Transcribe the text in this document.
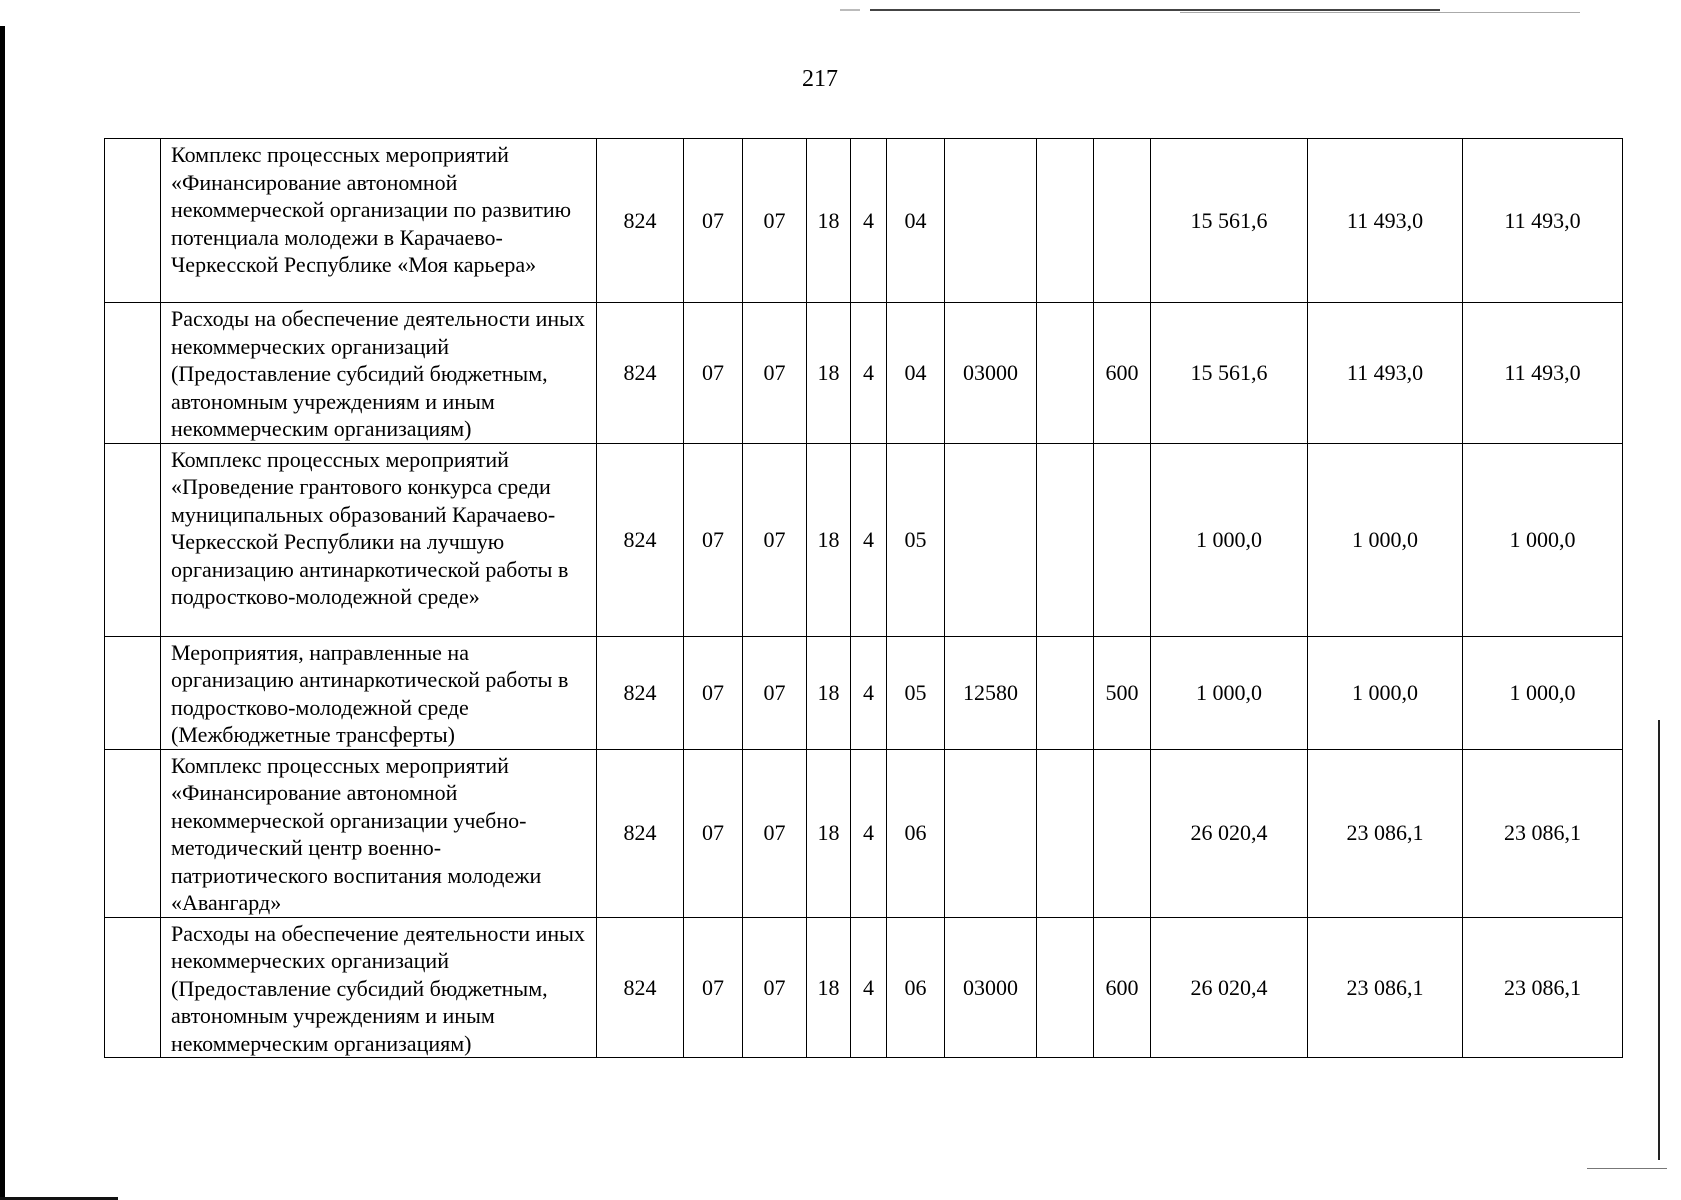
217
	Комплекс процессных мероприятий «Финансирование автономной некоммерческой организации по развитию потенциала молодежи в Карачаево-Черкесской Республике «Моя карьера»	824	07	07	18	4	04				15 561,6	11 493,0	11 493,0
	Расходы на обеспечение деятельности иных некоммерческих организаций (Предоставление субсидий бюджетным, автономным учреждениям и иным некоммерческим организациям)	824	07	07	18	4	04	03000		600	15 561,6	11 493,0	11 493,0
	Комплекс процессных мероприятий «Проведение грантового конкурса среди муниципальных образований Карачаево-Черкесской Республики на лучшую организацию антинаркотической работы в подростково-молодежной среде»	824	07	07	18	4	05				1 000,0	1 000,0	1 000,0
	Мероприятия, направленные на организацию антинаркотической работы в подростково-молодежной среде (Межбюджетные трансферты)	824	07	07	18	4	05	12580		500	1 000,0	1 000,0	1 000,0
	Комплекс процессных мероприятий «Финансирование автономной некоммерческой организации учебно-методический центр военно-патриотического воспитания молодежи «Авангард»	824	07	07	18	4	06				26 020,4	23 086,1	23 086,1
	Расходы на обеспечение деятельности иных некоммерческих организаций (Предоставление субсидий бюджетным, автономным учреждениям и иным некоммерческим организациям)	824	07	07	18	4	06	03000		600	26 020,4	23 086,1	23 086,1
